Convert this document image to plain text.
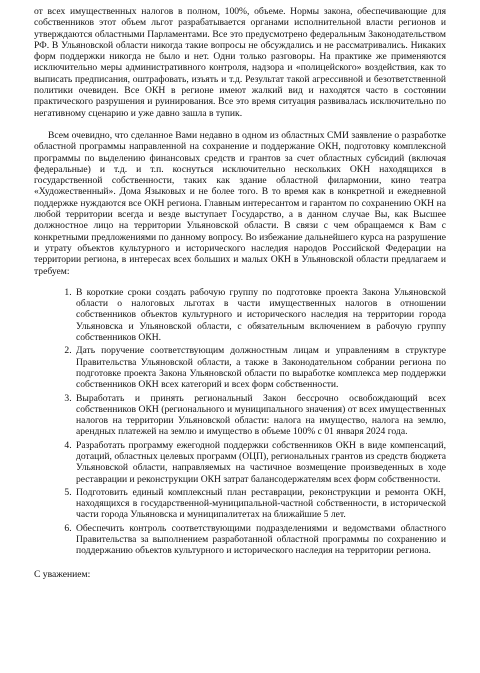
от всех имущественных налогов в полном, 100%, объеме. Нормы закона, обеспечивающие для собственников этот объем льгот разрабатывается органами исполнительной власти регионов и утверждаются областными Парламентами. Все это предусмотрено федеральным Законодательством РФ. В Ульяновской области никогда такие вопросы не обсуждались и не рассматривались. Никаких форм поддержки никогда не было и нет. Одни только разговоры. На практике же применяются исключительно меры административного контроля, надзора и «полицейского» воздействия, как то выписать предписания, оштрафовать, изъять и т.д. Результат такой агрессивной и безответственной политики очевиден. Все ОКН в регионе имеют жалкий вид и находятся часто в состоянии практического разрушения и руинирования. Все это время ситуация развивалась исключительно по негативному сценарию и уже давно зашла в тупик.

Всем очевидно, что сделанное Вами недавно в одном из областных СМИ заявление о разработке областной программы направленной на сохранение и поддержание ОКН, подготовку комплексной программы по выделению финансовых средств и грантов за счет областных субсидий (включая федеральные) и т.д. и т.п. коснуться исключительно нескольких ОКН находящихся в государственной собственности, таких как здание областной филармонии, кино театра «Художественный». Дома Языковых и не более того. В то время как в конкретной и ежедневной поддержке нуждаются все ОКН региона. Главным интересантом и гарантом по сохранению ОКН на любой территории всегда и везде выступает Государство, а в данном случае Вы, как Высшее должностное лицо на территории Ульяновской области. В связи с чем обращаемся к Вам с конкретными предложениями по данному вопросу. Во избежание дальнейшего курса на разрушение и утрату объектов культурного и исторического наследия народов Российской Федерации на территории региона, в интересах всех больших и малых ОКН в Ульяновской области предлагаем и требуем:

1. В короткие сроки создать рабочую группу по подготовке проекта Закона Ульяновской области о налоговых льготах в части имущественных налогов в отношении собственников объектов культурного и исторического наследия на территории города Ульяновска и Ульяновской области, с обязательным включением в рабочую группу собственников ОКН.
2. Дать поручение соответствующим должностным лицам и управлениям в структуре Правительства Ульяновской области, а также в Законодательном собрании региона по подготовке проекта Закона Ульяновской области по выработке комплекса мер поддержки собственников ОКН всех категорий и всех форм собственности.
3. Выработать и принять региональный Закон бессрочно освобождающий всех собственников ОКН (регионального и муниципального значения) от всех имущественных налогов на территории Ульяновской области: налога на имущество, налога на землю, арендных платежей на землю и имущество в объеме 100% с 01 января 2024 года.
4. Разработать программу ежегодной поддержки собственников ОКН в виде компенсаций, дотаций, областных целевых программ (ОЦП), региональных грантов из средств бюджета Ульяновской области, направляемых на частичное возмещение произведенных в ходе реставрации и реконструкции ОКН затрат балансодержателям всех форм собственности.
5. Подготовить единый комплексный план реставрации, реконструкции и ремонта ОКН, находящихся в государственной-муниципальной-частной собственности, в исторической части города Ульяновска и муниципалитетах на ближайшие 5 лет.
6. Обеспечить контроль соответствующими подразделениями и ведомствами областного Правительства за выполнением разработанной областной программы по сохранению и поддержанию объектов культурного и исторического наследия на территории региона.

С уважением:
